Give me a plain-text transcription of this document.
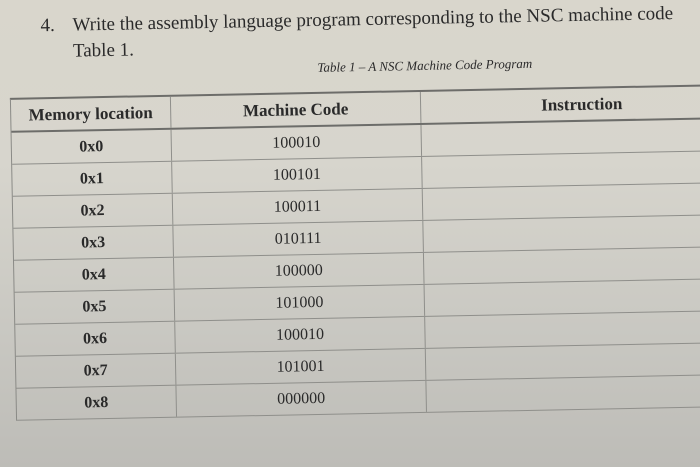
4. Write the assembly language program corresponding to the NSC machine code
Table 1.
Table 1 – A NSC Machine Code Program
Memory location	Machine Code	Instruction
0x0	100010
0x1	100101
0x2	100011
0x3	010111
0x4	100000
0x5	101000
0x6	100010
0x7	101001
0x8	000000
